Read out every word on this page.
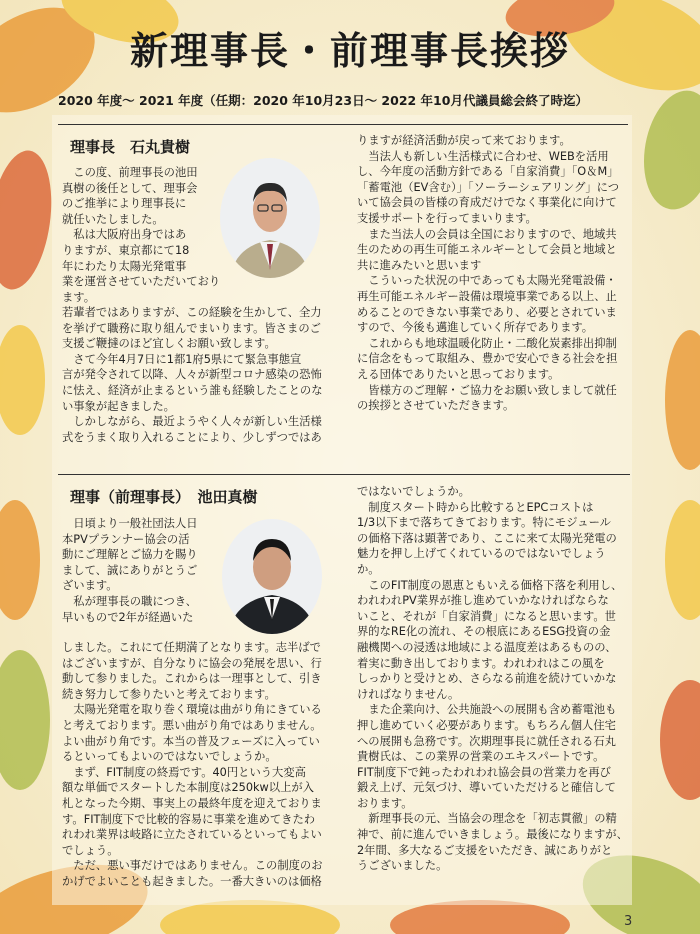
新理事長・前理事長挨拶
2020 年度〜 2021 年度（任期：2020 年10月23日〜 2022 年10月代議員総会終了時迄）
理事長　石丸貴樹
　この度、前理事長の池田
真樹の後任として、理事会
のご推挙により理事長に
就任いたしました。
　私は大阪府出身ではあ
りますが、東京都にて18
年にわたり太陽光発電事
業を運営させていただいております。
若輩者ではありますが、この経験を生かして、全力
を挙げて職務に取り組んでまいります。皆さまのご
支援ご鞭撻のほど宜しくお願い致します。
　さて今年4月7日に1都1府5県にて緊急事態宣
言が発令されて以降、人々が新型コロナ感染の恐怖
に怯え、経済が止まるという誰も経験したことのな
い事象が起きました。
　しかしながら、最近ようやく人々が新しい生活様
式をうまく取り入れることにより、少しずつではあ
りますが経済活動が戻って来ております。
　当法人も新しい生活様式に合わせ、WEBを活用
し、今年度の活動方針である「自家消費」「O＆M」
「蓄電池（EV含む）」「ソーラーシェアリング」につ
いて協会員の皆様の育成だけでなく事業化に向けて
支援サポートを行ってまいります。
　また当法人の会員は全国におりますので、地域共
生のための再生可能エネルギーとして会員と地域と
共に進みたいと思います
　こういった状況の中であっても太陽光発電設備・
再生可能エネルギー設備は環境事業である以上、止
めることのできない事業であり、必要とされていま
すので、今後も邁進していく所存であります。
　これからも地球温暖化防止・二酸化炭素排出抑制
に信念をもって取組み、豊かで安心できる社会を担
える団体でありたいと思っております。
　皆様方のご理解・ご協力をお願い致しまして就任
の挨拶とさせていただきます。
理事（前理事長）　池田真樹
　日頃より一般社団法人日
本PVプランナー協会の活
動にご理解とご協力を賜り
まして、誠にありがとうご
ざいます。
　私が理事長の職につき、
早いもので2年が経過いた
しました。これにて任期満了となります。志半ばで
はございますが、自分なりに協会の発展を思い、行
動して参りました。これからは一理事として、引き
続き努力して参りたいと考えております。
　太陽光発電を取り巻く環境は曲がり角にきている
と考えております。悪い曲がり角ではありません。
よい曲がり角です。本当の普及フェーズに入ってい
るといってもよいのではないでしょうか。
　まず、FIT制度の終焉です。40円という大変高
額な単価でスタートした本制度は250kw以上が入
札となった今期、事実上の最終年度を迎えておりま
す。FIT制度下で比較的容易に事業を進めてきたわ
れわれ業界は岐路に立たされているといってもよい
でしょう。
　ただ、悪い事だけではありません。この制度のお
かげでよいことも起きました。一番大きいのは価格
ではないでしょうか。
　制度スタート時から比較するとEPCコストは
1/3以下まで落ちてきております。特にモジュール
の価格下落は顕著であり、ここに来て太陽光発電の
魅力を押し上げてくれているのではないでしょう
か。
　このFIT制度の恩恵ともいえる価格下落を利用し、
われわれPV業界が推し進めていかなければならな
いこと、それが「自家消費」になると思います。世
界的なRE化の流れ、その根底にあるESG投資の金
融機関への浸透は地域による温度差はあるものの、
着実に動き出しております。われわれはこの風を
しっかりと受けとめ、さらなる前進を続けていかな
ければなりません。
　また企業向け、公共施設への展開も含め蓄電池も
押し進めていく必要があります。もちろん個人住宅
への展開も急務です。次期理事長に就任される石丸
貴樹氏は、この業界の営業のエキスパートです。
FIT制度下で鈍ったわれわれ協会員の営業力を再び
鍛え上げ、元気づけ、導いていただけると確信して
おります。
　新理事長の元、当協会の理念を「初志貫徹」の精
神で、前に進んでいきましょう。最後になりますが、
2年間、多大なるご支援をいただき、誠にありがと
うございました。
3
